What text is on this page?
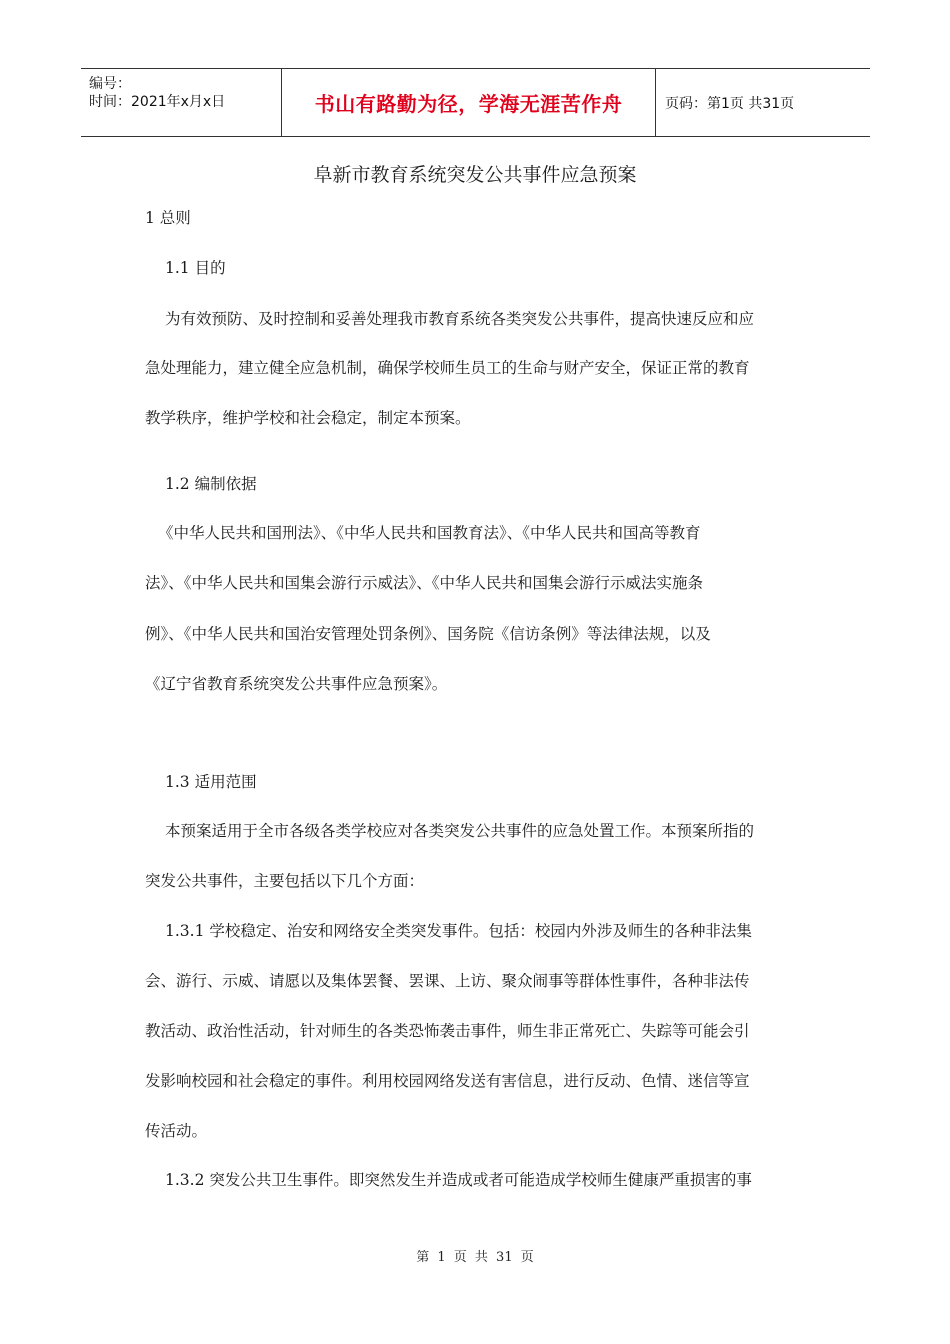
编号：
时间：2021年x月x日	书山有路勤为径，学海无涯苦作舟	页码：第1页 共31页
阜新市教育系统突发公共事件应急预案
1 总则
1.1 目的
为有效预防、及时控制和妥善处理我市教育系统各类突发公共事件，提高快速反应和应
急处理能力，建立健全应急机制，确保学校师生员工的生命与财产安全，保证正常的教育
教学秩序，维护学校和社会稳定，制定本预案。
1.2 编制依据
《中华人民共和国刑法》、《中华人民共和国教育法》、《中华人民共和国高等教育
法》、《中华人民共和国集会游行示威法》、《中华人民共和国集会游行示威法实施条
例》、《中华人民共和国治安管理处罚条例》、国务院《信访条例》等法律法规，以及
《辽宁省教育系统突发公共事件应急预案》。
1.3 适用范围
本预案适用于全市各级各类学校应对各类突发公共事件的应急处置工作。本预案所指的
突发公共事件，主要包括以下几个方面：
1.3.1 学校稳定、治安和网络安全类突发事件。包括：校园内外涉及师生的各种非法集
会、游行、示威、请愿以及集体罢餐、罢课、上访、聚众闹事等群体性事件，各种非法传
教活动、政治性活动，针对师生的各类恐怖袭击事件，师生非正常死亡、失踪等可能会引
发影响校园和社会稳定的事件。利用校园网络发送有害信息，进行反动、色情、迷信等宣
传活动。
1.3.2 突发公共卫生事件。即突然发生并造成或者可能造成学校师生健康严重损害的事
第 1 页 共 31 页
